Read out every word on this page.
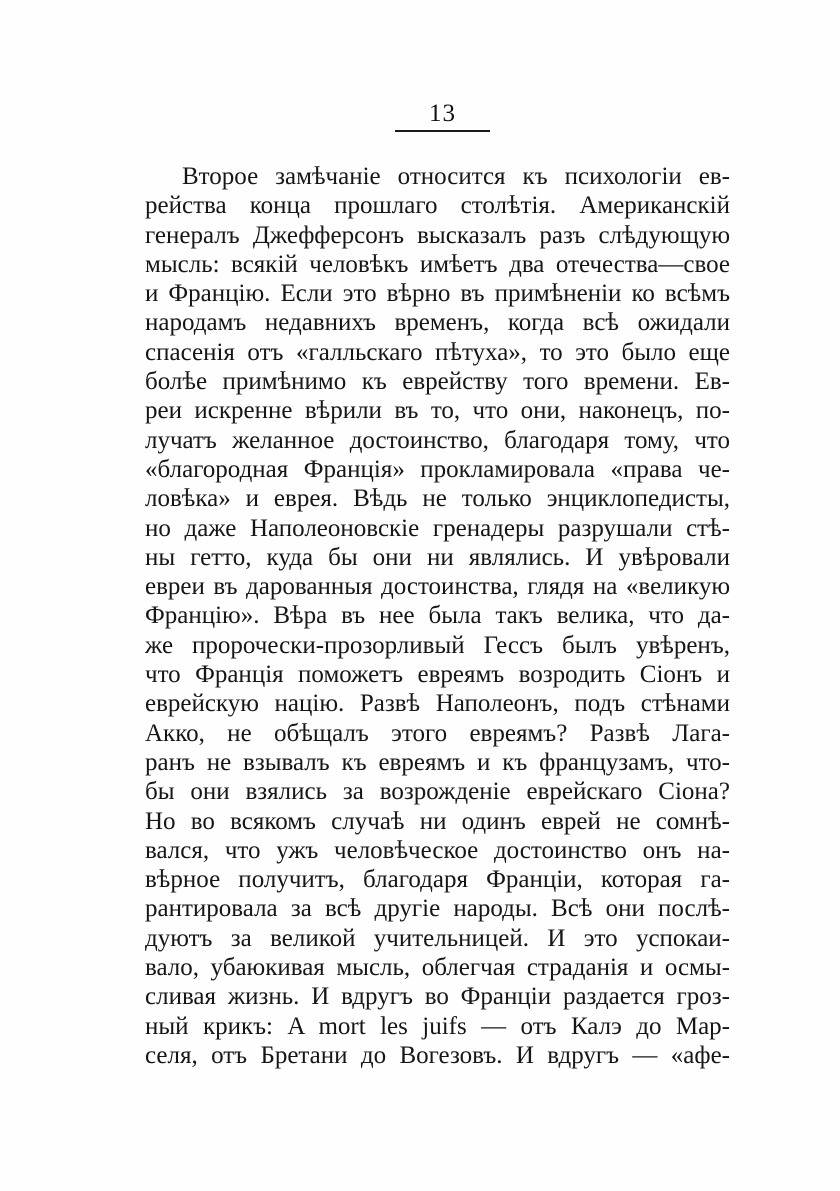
13
Второе замѣчаніе относится къ психологіи ев-
рейства конца прошлаго столѣтія. Американскій
генералъ Джефферсонъ высказалъ разъ слѣдующую
мысль: всякій человѣкъ имѣетъ два отечества—свое
и Францію. Если это вѣрно въ примѣненіи ко всѣмъ
народамъ недавнихъ временъ, когда всѣ ожидали
спасенія отъ «галльскаго пѣтуха», то это было еще
болѣе примѣнимо къ еврейству того времени. Ев-
реи искренне вѣрили въ то, что они, наконецъ, по-
лучатъ желанное достоинство, благодаря тому, что
«благородная Франція» прокламировала «права че-
ловѣка» и еврея. Вѣдь не только энциклопедисты,
но даже Наполеоновскіе гренадеры разрушали стѣ-
ны гетто, куда бы они ни являлись. И увѣровали
евреи въ дарованныя достоинства, глядя на «великую
Францію». Вѣра въ нее была такъ велика, что да-
же пророчески-прозорливый Гессъ былъ увѣренъ,
что Франція поможетъ евреямъ возродить Сіонъ и
еврейскую націю. Развѣ Наполеонъ, подъ стѣнами
Акко, не обѣщалъ этого евреямъ? Развѣ Лага-
ранъ не взывалъ къ евреямъ и къ французамъ, что-
бы они взялись за возрожденіе еврейскаго Сіона?
Но во всякомъ случаѣ ни одинъ еврей не сомнѣ-
вался, что ужъ человѣческое достоинство онъ на-
вѣрное получитъ, благодаря Франціи, которая га-
рантировала за всѣ другіе народы. Всѣ они послѣ-
дуютъ за великой учительницей. И это успокаи-
вало, убаюкивая мысль, облегчая страданія и осмы-
сливая жизнь. И вдругъ во Франціи раздается гроз-
ный крикъ: A mort les juifs — отъ Калэ до Мар-
селя, отъ Бретани до Вогезовъ. И вдругъ — «афе-
